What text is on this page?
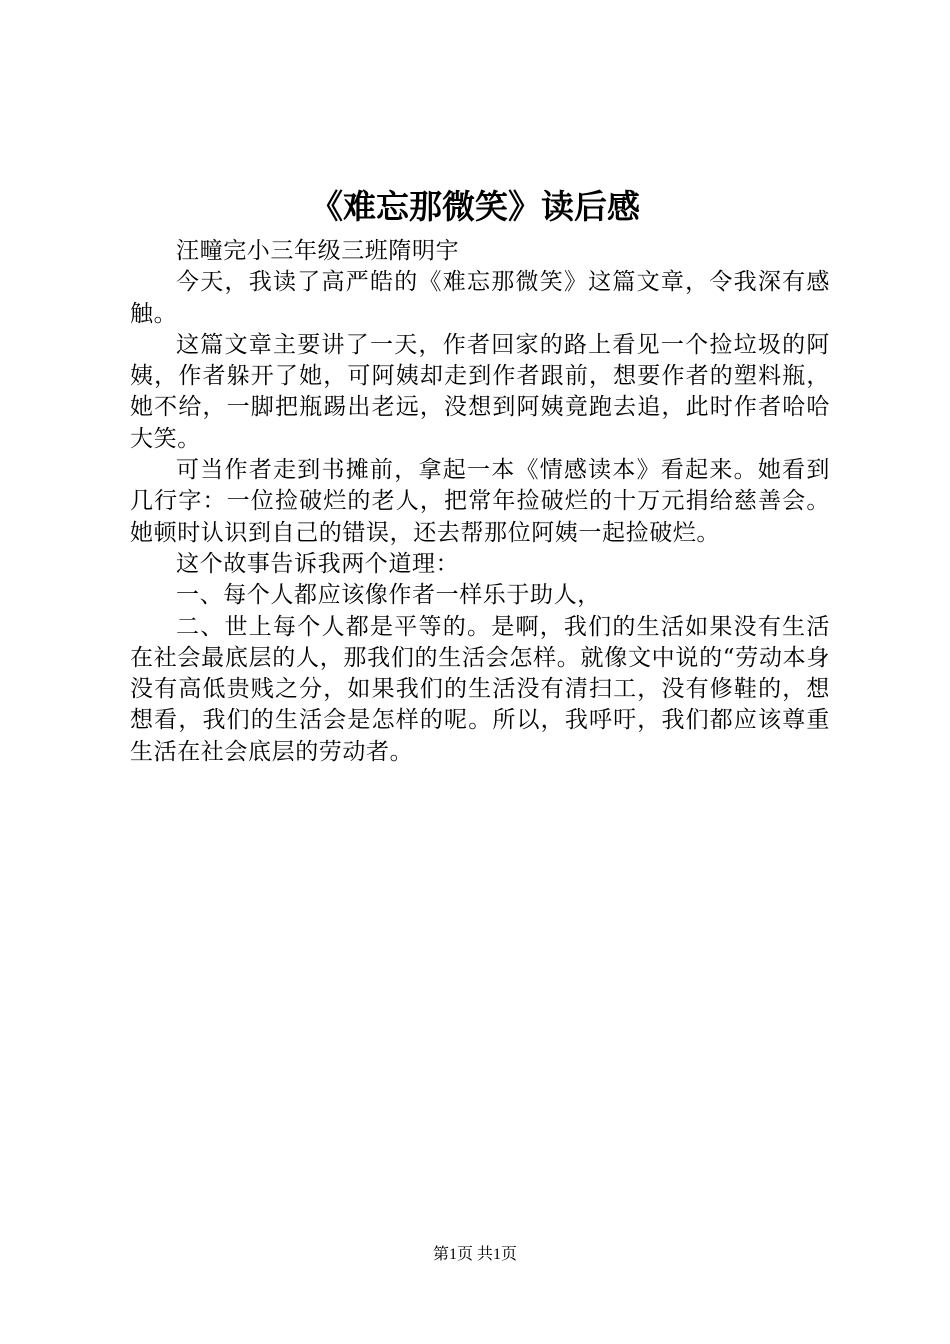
《难忘那微笑》读后感

汪疃完小三年级三班隋明宇

今天，我读了高严皓的《难忘那微笑》这篇文章，令我深有感触。

这篇文章主要讲了一天，作者回家的路上看见一个捡垃圾的阿姨，作者躲开了她，可阿姨却走到作者跟前，想要作者的塑料瓶，她不给，一脚把瓶踢出老远，没想到阿姨竟跑去追，此时作者哈哈大笑。

可当作者走到书摊前，拿起一本《情感读本》看起来。她看到几行字：一位捡破烂的老人，把常年捡破烂的十万元捐给慈善会。她顿时认识到自己的错误，还去帮那位阿姨一起捡破烂。

这个故事告诉我两个道理：

一、每个人都应该像作者一样乐于助人，

二、世上每个人都是平等的。是啊，我们的生活如果没有生活在社会最底层的人，那我们的生活会怎样。就像文中说的“劳动本身没有高低贵贱之分，如果我们的生活没有清扫工，没有修鞋的，想想看，我们的生活会是怎样的呢。所以，我呼吁，我们都应该尊重生活在社会底层的劳动者。

第1页 共1页
